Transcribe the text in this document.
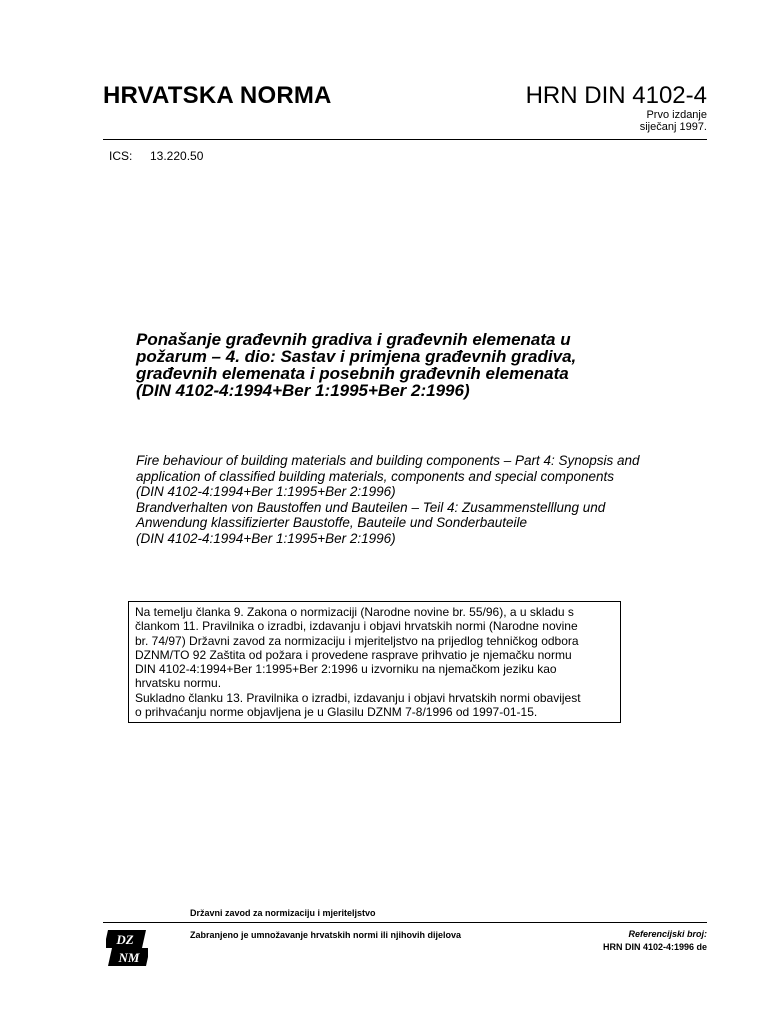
HRVATSKA NORMA	HRN DIN 4102-4
Prvo izdanje
siječanj 1997.
ICS: 13.220.50
Ponašanje građevnih gradiva i građevnih elemenata u
požarum – 4. dio: Sastav i primjena građevnih gradiva,
građevnih elemenata i posebnih građevnih elemenata
(DIN 4102-4:1994+Ber 1:1995+Ber 2:1996)
Fire behaviour of building materials and building components – Part 4: Synopsis and
application of classified building materials, components and special components
(DIN 4102-4:1994+Ber 1:1995+Ber 2:1996)
Brandverhalten von Baustoffen und Bauteilen – Teil 4: Zusammenstelllung und
Anwendung klassifizierter Baustoffe, Bauteile und Sonderbauteile
(DIN 4102-4:1994+Ber 1:1995+Ber 2:1996)

Na temelju članka 9. Zakona o normizaciji (Narodne novine br. 55/96), a u skladu s

člankom 11. Pravilnika o izradbi, izdavanju i objavi hrvatskih normi (Narodne novine

br. 74/97) Državni zavod za normizaciju i mjeriteljstvo na prijedlog tehničkog odbora

DZNM/TO 92 Zaštita od požara i provedene rasprave prihvatio je njemačku normu

DIN 4102-4:1994+Ber 1:1995+Ber 2:1996 u izvorniku na njemačkom jeziku kao

hrvatsku normu.

Sukladno članku 13. Pravilnika o izradbi, izdavanju i objavi hrvatskih normi obavijest

o prihvaćanju norme objavljena je u Glasilu DZNM 7-8/1996 od 1997-01-15.

Državni zavod za normizaciju i mjeriteljstvo
Zabranjeno je umnožavanje hrvatskih normi ili njihovih dijelova	Referencijski broj:
HRN DIN 4102-4:1996 de
DZ
NM
